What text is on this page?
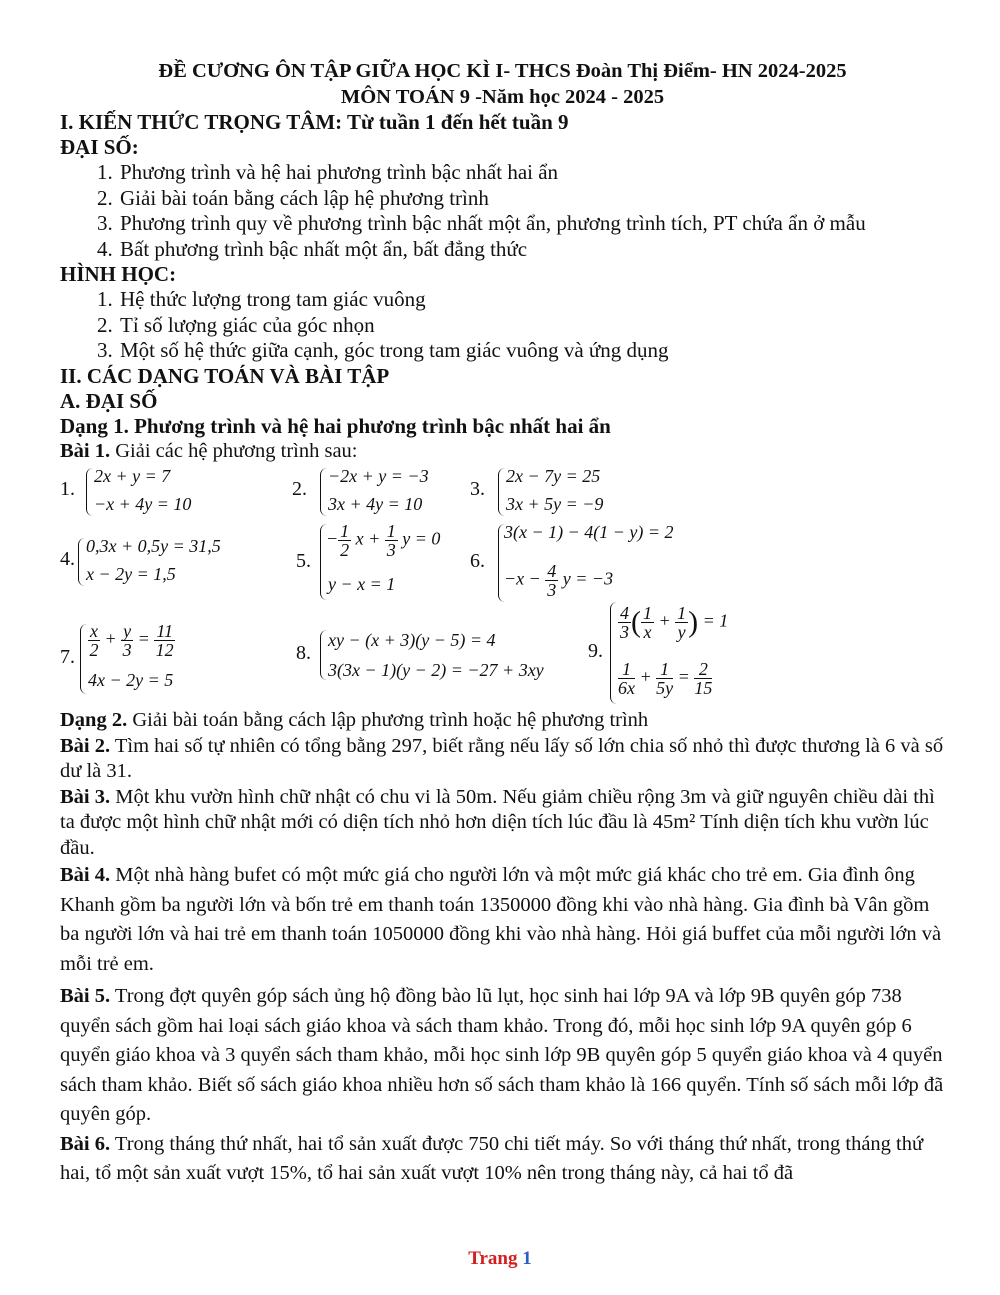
ĐỀ CƯƠNG ÔN TẬP GIỮA HỌC KÌ I- THCS Đoàn Thị Điểm- HN 2024-2025
MÔN TOÁN 9 -Năm học 2024 - 2025
I. KIẾN THỨC TRỌNG TÂM: Từ tuần 1 đến hết tuần 9
ĐẠI SỐ:
1. Phương trình và hệ hai phương trình bậc nhất hai ẩn
2. Giải bài toán bằng cách lập hệ phương trình
3. Phương trình quy về phương trình bậc nhất một ẩn, phương trình tích, PT chứa ẩn ở mẫu
4. Bất phương trình bậc nhất một ẩn, bất đẳng thức
HÌNH HỌC:
1. Hệ thức lượng trong tam giác vuông
2. Tỉ số lượng giác của góc nhọn
3. Một số hệ thức giữa cạnh, góc trong tam giác vuông và ứng dụng
II. CÁC DẠNG TOÁN VÀ BÀI TẬP
A. ĐẠI SỐ
Dạng 1. Phương trình và hệ hai phương trình bậc nhất hai ẩn
Bài 1. Giải các hệ phương trình sau:
1.
2x + y = 7
−x + 4y = 10
2.
−2x + y = −3
3x + 4y = 10
3.
2x − 7y = 25
3x + 5y = −9
4.
0,3x + 0,5y = 31,5
x − 2y = 1,5
5.
− $\frac{1}{2}$ $x + \frac{1}{3}$ y = 0
y − x = 1
6.
3(x − 1) − 4(1 − y) = 2
$-x - \frac{4}{3}$ y = −3
7. $\frac{x}{2} + \frac{y}{3} = \frac{11}{12}$
4x − 2y = 5
8.
xy − (x + 3)(y − 5) = 4
3(3x − 1)(y − 2) = −27 + 3xy
9.
$\frac{4}{3}$ ( $\frac{1}{x} + \frac{1}{y}$ ) = 1
$\frac{1}{6x} + \frac{1}{5y} = \frac{2}{15}$
Dạng 2. Giải bài toán bằng cách lập phương trình hoặc hệ phương trình
Bài 2. Tìm hai số tự nhiên có tổng bằng 297, biết rằng nếu lấy số lớn chia số nhỏ thì được thương là 6 và số dư là 31.
Bài 3. Một khu vườn hình chữ nhật có chu vi là 50m. Nếu giảm chiều rộng 3m và giữ nguyên chiều dài thì ta được một hình chữ nhật mới có diện tích nhỏ hơn diện tích lúc đầu là 45m² Tính diện tích khu vườn lúc đầu.
Bài 4. Một nhà hàng bufet có một mức giá cho người lớn và một mức giá khác cho trẻ em. Gia đình ông Khanh gồm ba người lớn và bốn trẻ em thanh toán 1350000 đồng khi vào nhà hàng. Gia đình bà Vân gồm ba người lớn và hai trẻ em thanh toán 1050000 đồng khi vào nhà hàng. Hỏi giá buffet của mỗi người lớn và mỗi trẻ em.
Bài 5. Trong đợt quyên góp sách ủng hộ đồng bào lũ lụt, học sinh hai lớp 9A và lớp 9B quyên góp 738 quyển sách gồm hai loại sách giáo khoa và sách tham khảo. Trong đó, mỗi học sinh lớp 9A quyên góp 6 quyển giáo khoa và 3 quyển sách tham khảo, mỗi học sinh lớp 9B quyên góp 5 quyển giáo khoa và 4 quyển sách tham khảo. Biết số sách giáo khoa nhiều hơn số sách tham khảo là 166 quyển. Tính số sách mỗi lớp đã quyên góp.
Bài 6. Trong tháng thứ nhất, hai tổ sản xuất được 750 chi tiết máy. So với tháng thứ nhất, trong tháng thứ hai, tổ một sản xuất vượt 15%, tổ hai sản xuất vượt 10% nên trong tháng này, cả hai tổ đã
Trang 1
